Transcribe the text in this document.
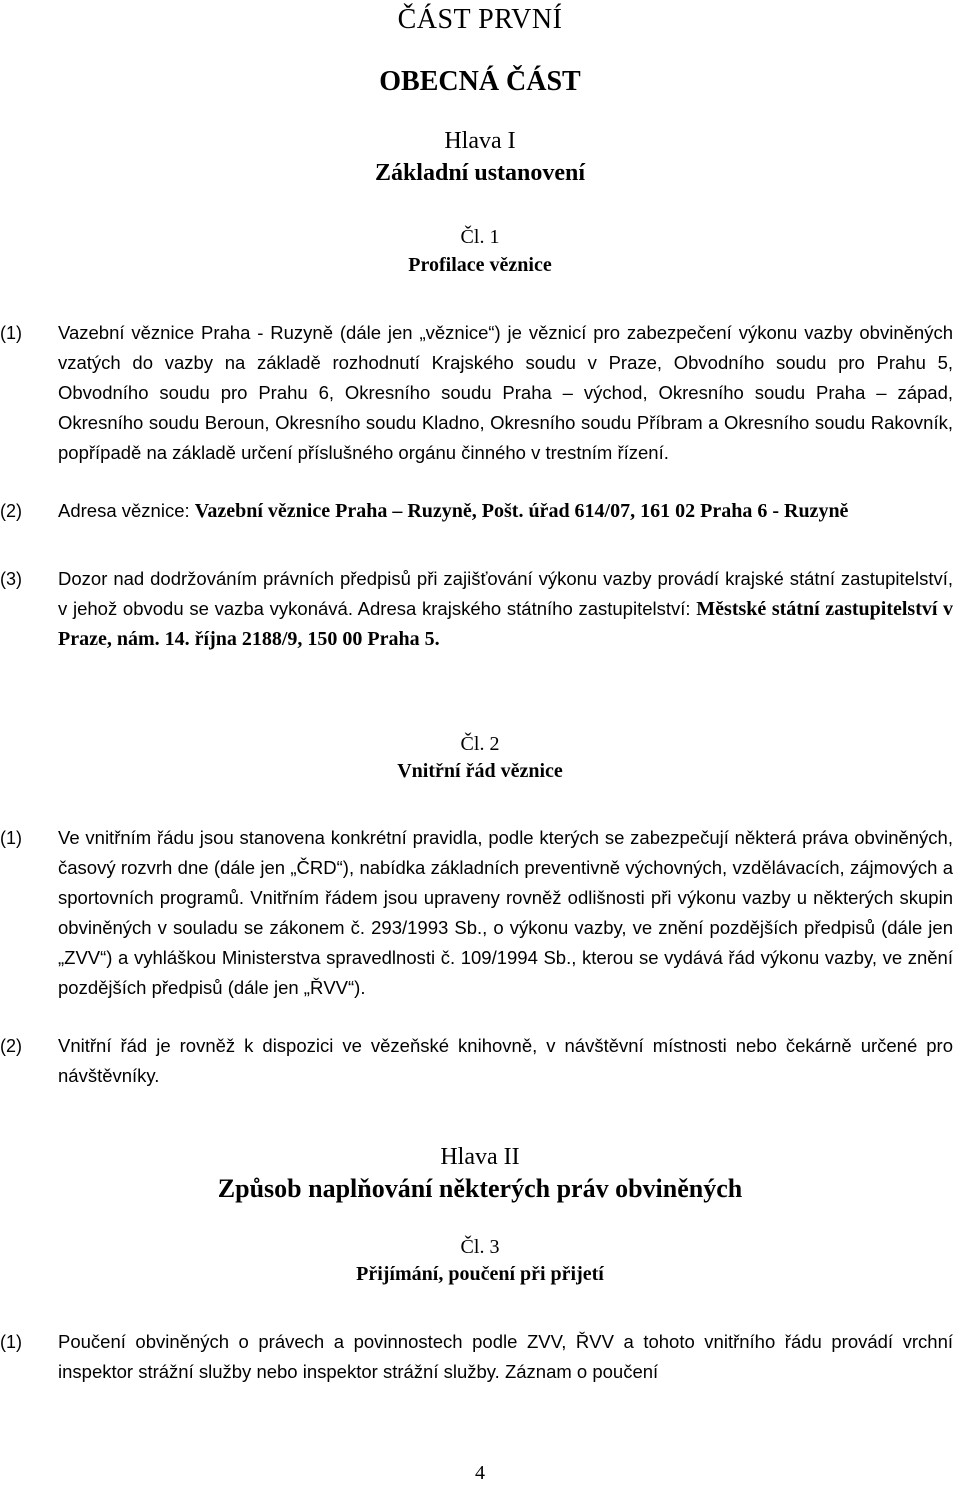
ČÁST PRVNÍ
OBECNÁ ČÁST
Hlava I
Základní ustanovení
Čl. 1
Profilace věznice
(1) Vazební věznice Praha - Ruzyně (dále jen „věznice“) je věznicí pro zabezpečení výkonu vazby obviněných vzatých do vazby na základě rozhodnutí Krajského soudu v Praze, Obvodního soudu pro Prahu 5, Obvodního soudu pro Prahu 6, Okresního soudu Praha – východ, Okresního soudu Praha – západ, Okresního soudu Beroun, Okresního soudu Kladno, Okresního soudu Příbram a Okresního soudu Rakovník, popřípadě na základě určení příslušného orgánu činného v trestním řízení.
(2) Adresa věznice: Vazební věznice Praha – Ruzyně, Pošt. úřad 614/07, 161 02 Praha 6 - Ruzyně
(3) Dozor nad dodržováním právních předpisů při zajišťování výkonu vazby provádí krajské státní zastupitelství, v jehož obvodu se vazba vykonává. Adresa krajského státního zastupitelství: Městské státní zastupitelství v Praze, nám. 14. října 2188/9, 150 00 Praha 5.
Čl. 2
Vnitřní řád věznice
(1) Ve vnitřním řádu jsou stanovena konkrétní pravidla, podle kterých se zabezpečují některá práva obviněných, časový rozvrh dne (dále jen „ČRD“), nabídka základních preventivně výchovných, vzdělávacích, zájmových a sportovních programů. Vnitřním řádem jsou upraveny rovněž odlišnosti při výkonu vazby u některých skupin obviněných v souladu se zákonem č. 293/1993 Sb., o výkonu vazby, ve znění pozdějších předpisů (dále jen „ZVV“) a vyhláškou Ministerstva spravedlnosti č. 109/1994 Sb., kterou se vydává řád výkonu vazby, ve znění pozdějších předpisů (dále jen „ŘVV“).
(2) Vnitřní řád je rovněž k dispozici ve vězeňské knihovně, v návštěvní místnosti nebo čekárně určené pro návštěvníky.
Hlava II
Způsob naplňování některých práv obviněných
Čl. 3
Přijímání, poučení při přijetí
(1) Poučení obviněných o právech a povinnostech podle ZVV, ŘVV a tohoto vnitřního řádu provádí vrchní inspektor strážní služby nebo inspektor strážní služby. Záznam o poučení
4
